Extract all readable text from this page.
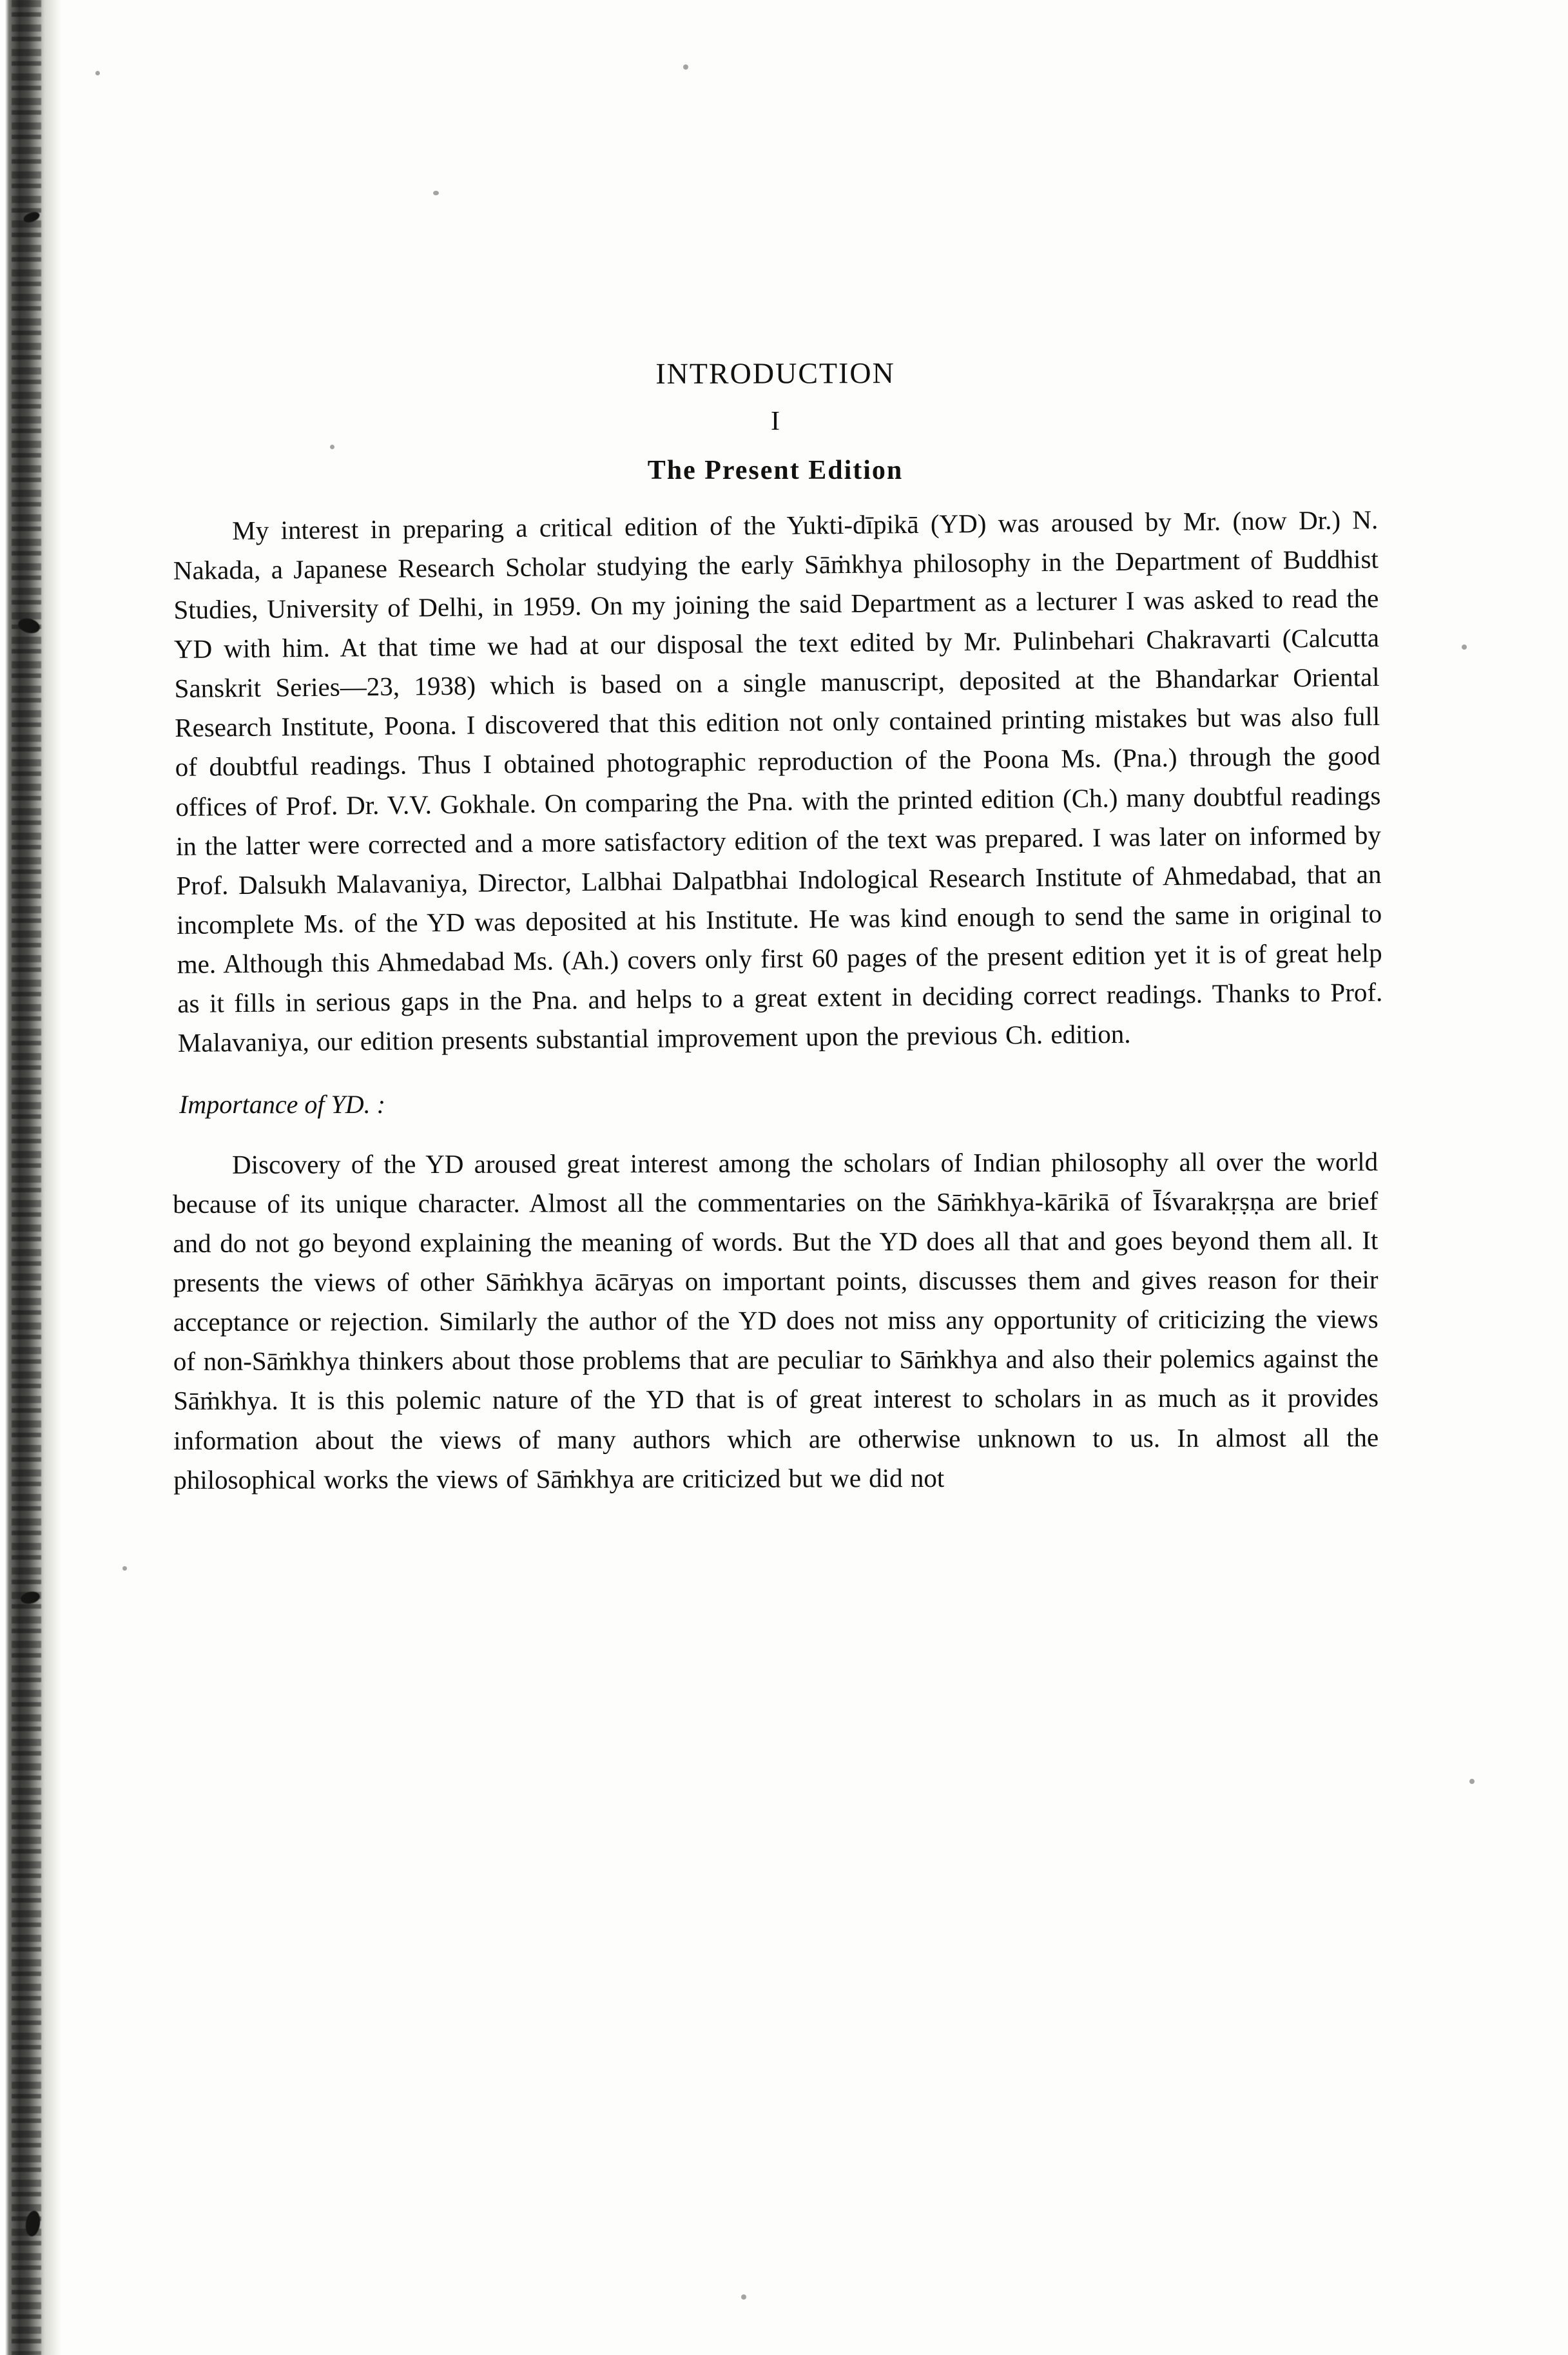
INTRODUCTION
I
The Present Edition

My interest in preparing a critical edition of the Yukti-dīpikā (YD) was aroused by Mr. (now Dr.) N. Nakada, a Japanese Research Scholar studying the early Sāṁkhya philosophy in the Department of Buddhist Studies, University of Delhi, in 1959. On my joining the said Department as a lecturer I was asked to read the YD with him. At that time we had at our disposal the text edited by Mr. Pulinbehari Chakravarti (Calcutta Sanskrit Series—23, 1938) which is based on a single manuscript, deposited at the Bhandarkar Oriental Research Institute, Poona. I discovered that this edition not only contained printing mistakes but was also full of doubtful readings. Thus I obtained photographic reproduction of the Poona Ms. (Pna.) through the good offices of Prof. Dr. V.V. Gokhale. On comparing the Pna. with the printed edition (Ch.) many doubtful readings in the latter were corrected and a more satisfactory edition of the text was prepared. I was later on informed by Prof. Dalsukh Malavaniya, Director, Lalbhai Dalpatbhai Indological Research Institute of Ahmedabad, that an incomplete Ms. of the YD was deposited at his Institute. He was kind enough to send the same in original to me. Although this Ahmedabad Ms. (Ah.) covers only first 60 pages of the present edition yet it is of great help as it fills in serious gaps in the Pna. and helps to a great extent in deciding correct readings. Thanks to Prof. Malavaniya, our edition presents substantial improvement upon the previous Ch. edition.

Importance of YD. :

Discovery of the YD aroused great interest among the scholars of Indian philosophy all over the world because of its unique character. Almost all the commentaries on the Sāṁkhya-kārikā of Īśvarakṛṣṇa are brief and do not go beyond explaining the meaning of words. But the YD does all that and goes beyond them all. It presents the views of other Sāṁkhya ācāryas on important points, discusses them and gives reason for their acceptance or rejection. Similarly the author of the YD does not miss any opportunity of criticizing the views of non-Sāṁkhya thinkers about those problems that are peculiar to Sāṁkhya and also their polemics against the Sāṁkhya. It is this polemic nature of the YD that is of great interest to scholars in as much as it provides information about the views of many authors which are otherwise unknown to us. In almost all the philosophical works the views of Sāṁkhya are criticized but we did not
